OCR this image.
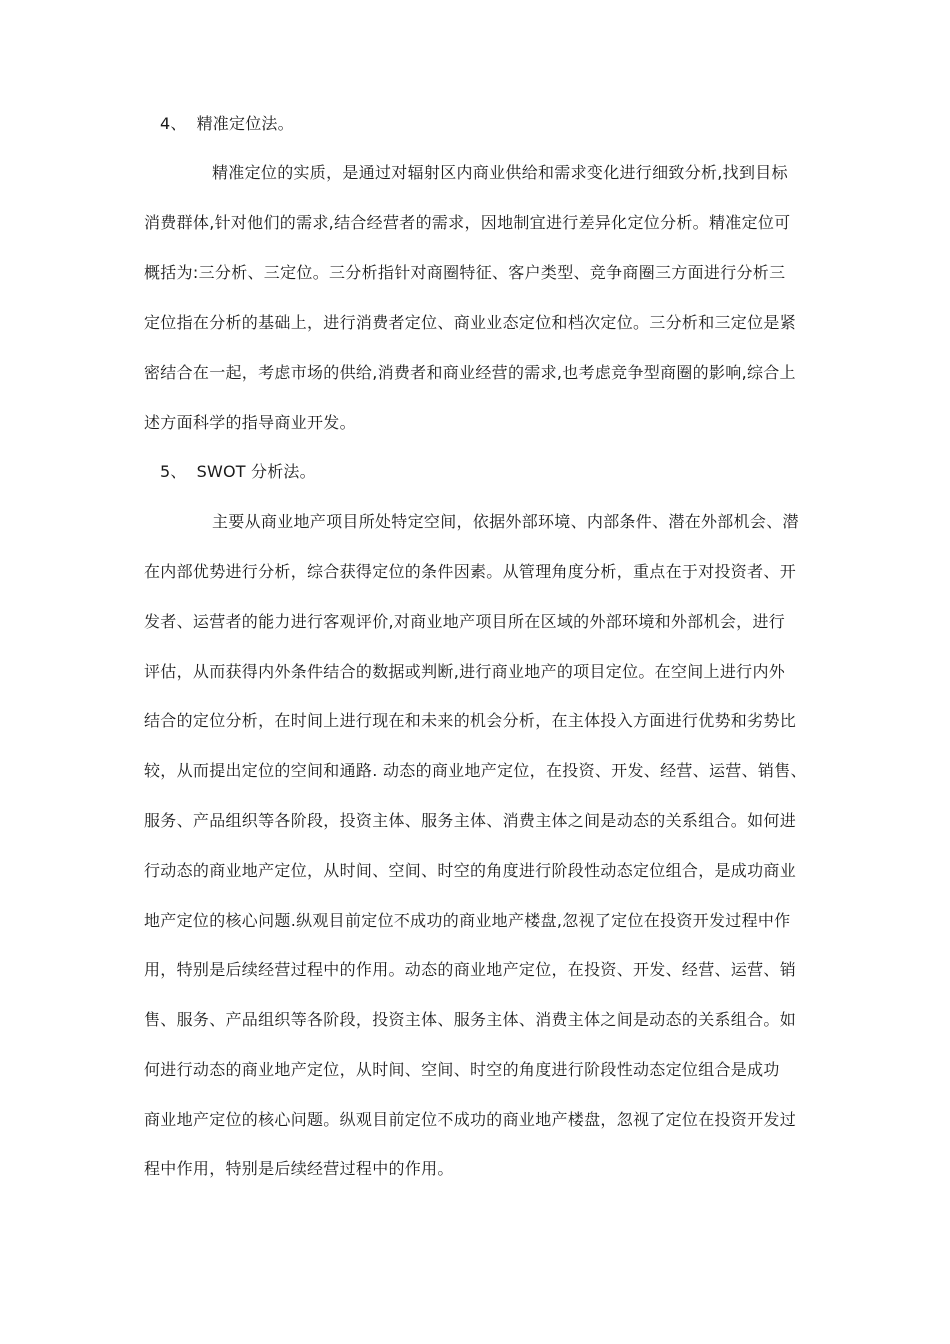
4、 精准定位法。
精准定位的实质，是通过对辐射区内商业供给和需求变化进行细致分析,找到目标
消费群体,针对他们的需求,结合经营者的需求，因地制宜进行差异化定位分析。精准定位可
概括为:三分析、三定位。三分析指针对商圈特征、客户类型、竞争商圈三方面进行分析三
定位指在分析的基础上，进行消费者定位、商业业态定位和档次定位。三分析和三定位是紧
密结合在一起，考虑市场的供给,消费者和商业经营的需求,也考虑竞争型商圈的影响,综合上
述方面科学的指导商业开发。
5、 SWOT 分析法。
主要从商业地产项目所处特定空间，依据外部环境、内部条件、潜在外部机会、潜
在内部优势进行分析，综合获得定位的条件因素。从管理角度分析，重点在于对投资者、开
发者、运营者的能力进行客观评价,对商业地产项目所在区域的外部环境和外部机会，进行
评估，从而获得内外条件结合的数据或判断,进行商业地产的项目定位。在空间上进行内外
结合的定位分析，在时间上进行现在和未来的机会分析，在主体投入方面进行优势和劣势比
较，从而提出定位的空间和通路. 动态的商业地产定位，在投资、开发、经营、运营、销售、
服务、产品组织等各阶段，投资主体、服务主体、消费主体之间是动态的关系组合。如何进
行动态的商业地产定位，从时间、空间、时空的角度进行阶段性动态定位组合，是成功商业
地产定位的核心问题.纵观目前定位不成功的商业地产楼盘,忽视了定位在投资开发过程中作
用，特别是后续经营过程中的作用。动态的商业地产定位，在投资、开发、经营、运营、销
售、服务、产品组织等各阶段，投资主体、服务主体、消费主体之间是动态的关系组合。如
何进行动态的商业地产定位，从时间、空间、时空的角度进行阶段性动态定位组合是成功
商业地产定位的核心问题。纵观目前定位不成功的商业地产楼盘，忽视了定位在投资开发过
程中作用，特别是后续经营过程中的作用。
